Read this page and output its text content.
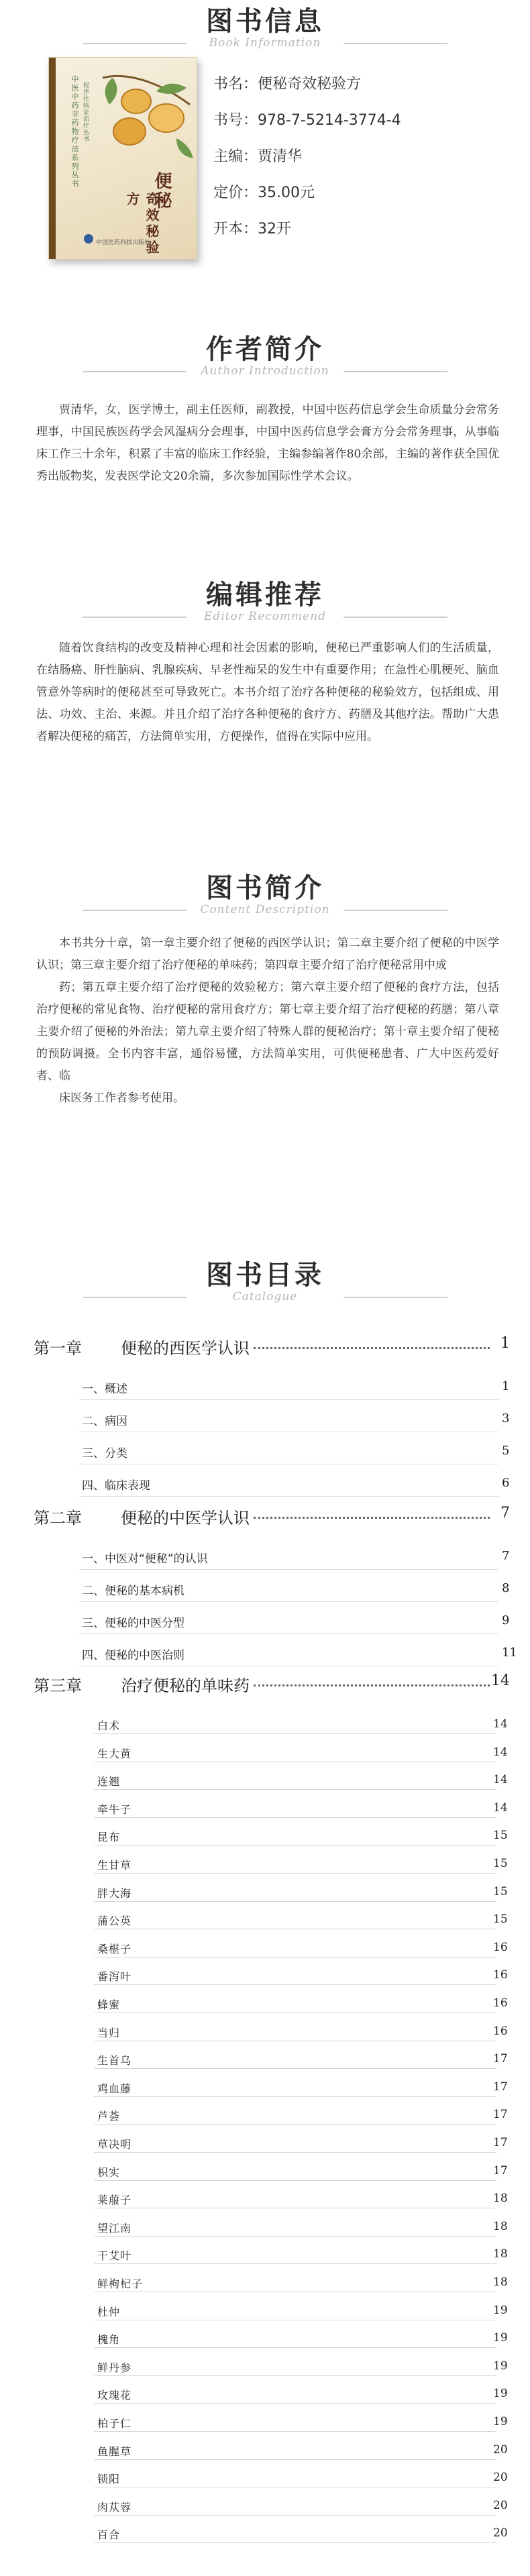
图书信息
Book Information
中医中药非药物疗法系列丛书 程序化临证治疗丛书
便秘
奇效秘验方
中国医药科技出版社
书名：便秘奇效秘验方
书号：978-7-5214-3774-4
主编：贾清华
定价：35.00元
开本：32开
作者简介
Author Introduction

贾清华，女，医学博士，副主任医师，副教授，中国中医药信息学会生命质量分会常务理事，中国民族医药学会风湿病分会理事，中国中医药信息学会膏方分会常务理事，从事临床工作三十余年，积累了丰富的临床工作经验，主编参编著作80余部，主编的著作获全国优秀出版物奖，发表医学论文20余篇，多次参加国际性学术会议。

编辑推荐
Editor Recommend

随着饮食结构的改变及精神心理和社会因素的影响，便秘已严重影响人们的生活质量，在结肠癌、肝性脑病、乳腺疾病、早老性痴呆的发生中有重要作用；在急性心肌梗死、脑血管意外等病时的便秘甚至可导致死亡。本书介绍了治疗各种便秘的秘验效方，包括组成、用法、功效、主治、来源。并且介绍了治疗各种便秘的食疗方、药膳及其他疗法。帮助广大患者解决便秘的痛苦，方法简单实用，方便操作，值得在实际中应用。

图书简介
Content Description

本书共分十章，第一章主要介绍了便秘的西医学认识；第二章主要介绍了便秘的中医学认识；第三章主要介绍了治疗便秘的单味药；第四章主要介绍了治疗便秘常用中成

药；第五章主要介绍了治疗便秘的效验秘方；第六章主要介绍了便秘的食疗方法，包括治疗便秘的常见食物、治疗便秘的常用食疗方；第七章主要介绍了治疗便秘的药膳；第八章主要介绍了便秘的外治法；第九章主要介绍了特殊人群的便秘治疗；第十章主要介绍了便秘的预防调摄。全书内容丰富，通俗易懂，方法简单实用，可供便秘患者、广大中医药爱好者、临

床医务工作者参考使用。

图书目录
Catalogue
第一章 便秘的西医学认识	1
一、概述	1
二、病因	3
三、分类	5
四、临床表现	6
第二章 便秘的中医学认识	7
一、中医对“便秘”的认识	7
二、便秘的基本病机	8
三、便秘的中医分型	9
四、便秘的中医治则	11
第三章 治疗便秘的单味药	14
白术	14
生大黄	14
连翘	14
牵牛子	14
昆布	15
生甘草	15
胖大海	15
蒲公英	15
桑椹子	16
番泻叶	16
蜂蜜	16
当归	16
生首乌	17
鸡血藤	17
芦荟	17
草决明	17
枳实	17
莱菔子	18
望江南	18
干艾叶	18
鲜枸杞子	18
杜仲	19
槐角	19
鲜丹参	19
玫瑰花	19
柏子仁	19
鱼腥草	20
锁阳	20
肉苁蓉	20
百合	20
